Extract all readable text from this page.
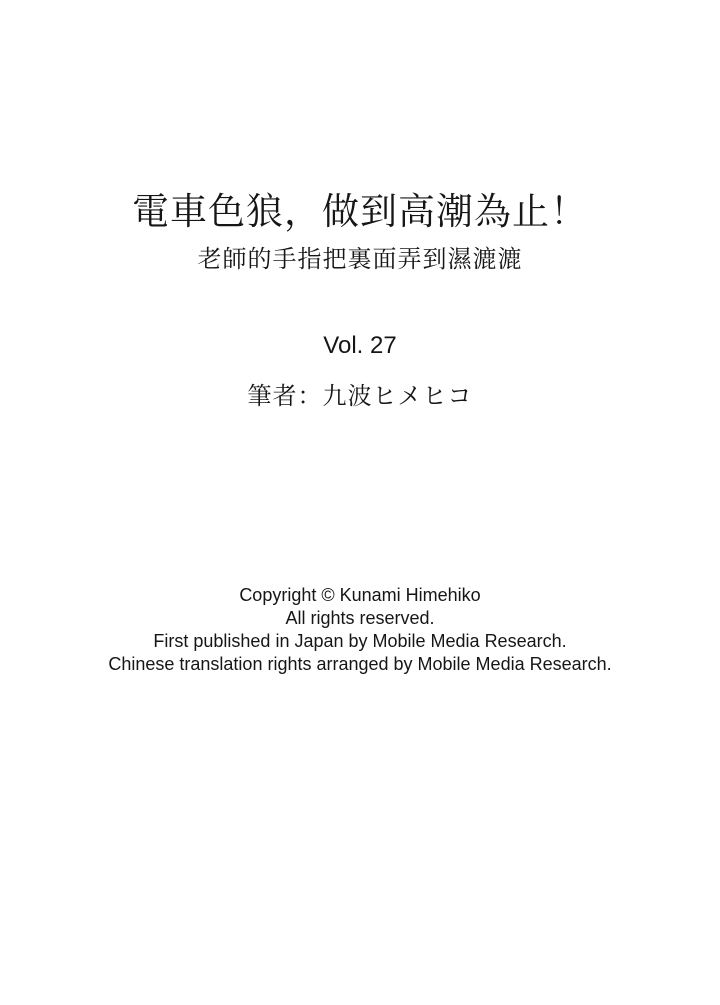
電車色狼，做到高潮為止！
老師的手指把裏面弄到濕漉漉
Vol. 27
筆者：九波ヒメヒコ
Copyright © Kunami Himehiko
All rights reserved.
First published in Japan by Mobile Media Research.
Chinese translation rights arranged by Mobile Media Research.
